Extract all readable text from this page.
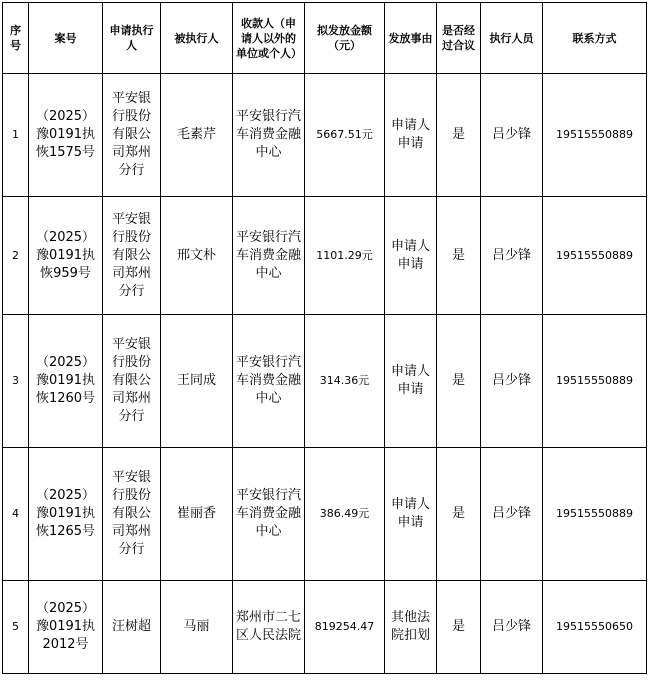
序号	案号	申请执行人	被执行人	收款人（申请人以外的单位或个人）	拟发放金额（元）	发放事由	是否经过合议	执行人员	联系方式
1	（2025）豫0191执恢1575号	平安银行股份有限公司郑州分行	毛素芹	平安银行汽车消费金融中心	5667.51元	申请人申请	是	吕少锋	19515550889
2	（2025）豫0191执恢959号	平安银行股份有限公司郑州分行	邢文朴	平安银行汽车消费金融中心	1101.29元	申请人申请	是	吕少锋	19515550889
3	（2025）豫0191执恢1260号	平安银行股份有限公司郑州分行	王同成	平安银行汽车消费金融中心	314.36元	申请人申请	是	吕少锋	19515550889
4	（2025）豫0191执恢1265号	平安银行股份有限公司郑州分行	崔丽香	平安银行汽车消费金融中心	386.49元	申请人申请	是	吕少锋	19515550889
5	（2025）豫0191执2012号	汪树超	马丽	郑州市二七区人民法院	819254.47	其他法院扣划	是	吕少锋	19515550650
